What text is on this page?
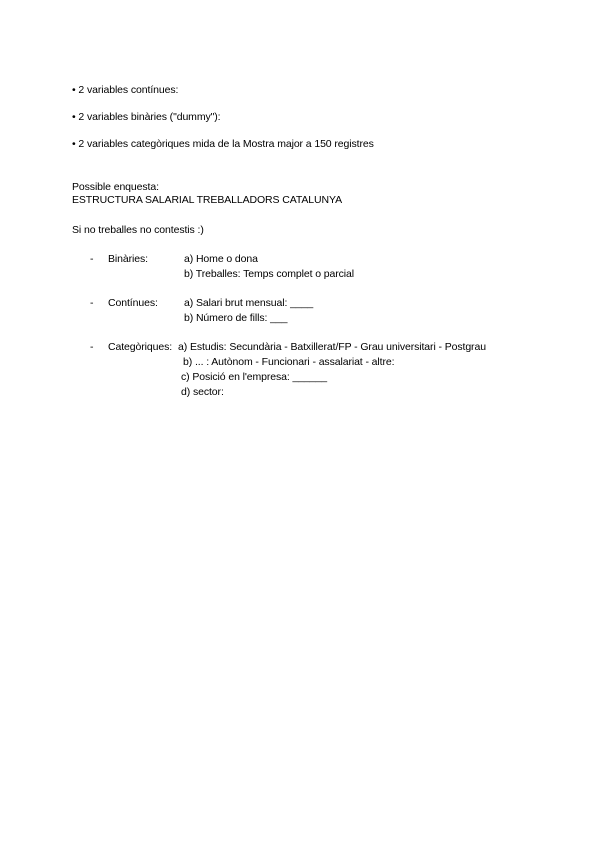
• 2 variables contínues:
• 2 variables binàries ("dummy"):
• 2 variables categòriques mida de la Mostra major a 150 registres
Possible enquesta:
ESTRUCTURA SALARIAL TREBALLADORS CATALUNYA
Si no treballes no contestis :)
- Binàries:	a) Home o dona
b) Treballes: Temps complet o parcial
- Contínues: a) Salari brut mensual: ____
b) Número de fills: ___
- Categòriques: a) Estudis: Secundària - Batxillerat/FP - Grau universitari - Postgrau
b) ... : Autònom - Funcionari - assalariat - altre:
c) Posició en l'empresa: ______
d) sector:
